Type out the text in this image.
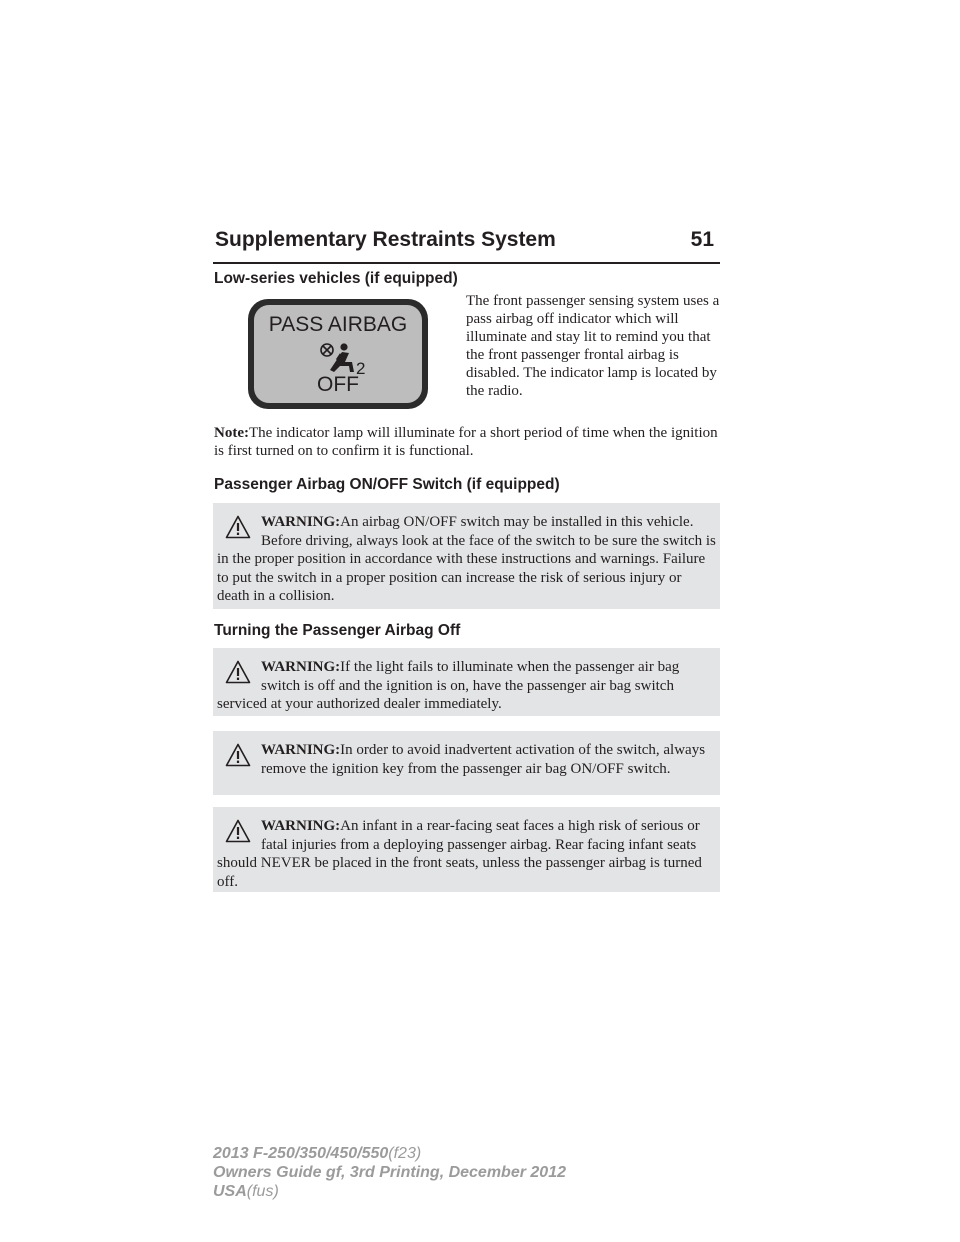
Supplementary Restraints System	51
Low-series vehicles (if equipped)
PASS AIRBAG
2
OFF
The front passenger sensing system uses a pass airbag off indicator which will illuminate and stay lit to remind you that the front passenger frontal airbag is disabled. The indicator lamp is located by the radio.
Note:The indicator lamp will illuminate for a short period of time when the ignition is first turned on to confirm it is functional.
Passenger Airbag ON/OFF Switch (if equipped)
WARNING:An airbag ON/OFF switch may be installed in this vehicle. Before driving, always look at the face of the switch to be sure the switch is in the proper position in accordance with these instructions and warnings. Failure to put the switch in a proper position can increase the risk of serious injury or death in a collision.
Turning the Passenger Airbag Off
WARNING:If the light fails to illuminate when the passenger air bag switch is off and the ignition is on, have the passenger air bag switch serviced at your authorized dealer immediately.
WARNING:In order to avoid inadvertent activation of the switch, always remove the ignition key from the passenger air bag ON/OFF switch.
WARNING:An infant in a rear-facing seat faces a high risk of serious or fatal injuries from a deploying passenger airbag. Rear facing infant seats should NEVER be placed in the front seats, unless the passenger airbag is turned off.
2013 F-250/350/450/550(f23)
Owners Guide gf, 3rd Printing, December 2012
USA(fus)
